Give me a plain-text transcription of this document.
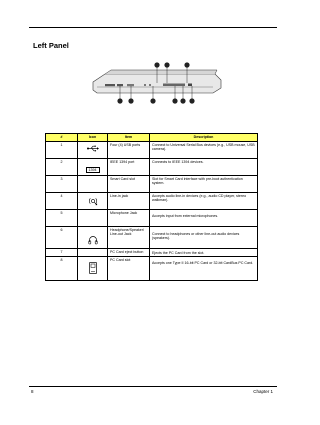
Left Panel
#	Icon	Item	Description
1		Four (4) USB ports	Connect to Universal Serial Bus devices (e.g., USB mouse, USB camera).
2	1394	IEEE 1394 port	Connects to IEEE 1394 devices.
3		Smart Card slot	Slot for Smart Card interface with pre-boot authentication system.
4		Line-in jack	Accepts audio line-in devices (e.g., audio CD player, stereo walkman).
5		Microphone Jack	Accepts input from external microphones.
6		Headphone/Speaker/ Line-out Jack	Connect to headphones or other line-out audio devices (speakers).
7		PC Card eject button	Ejects the PC Card from the slot.
8		PC Card slot	Accepts one Type II 16-bit PC Card or 32-bit CardBus PC Card.
8	Chapter 1
